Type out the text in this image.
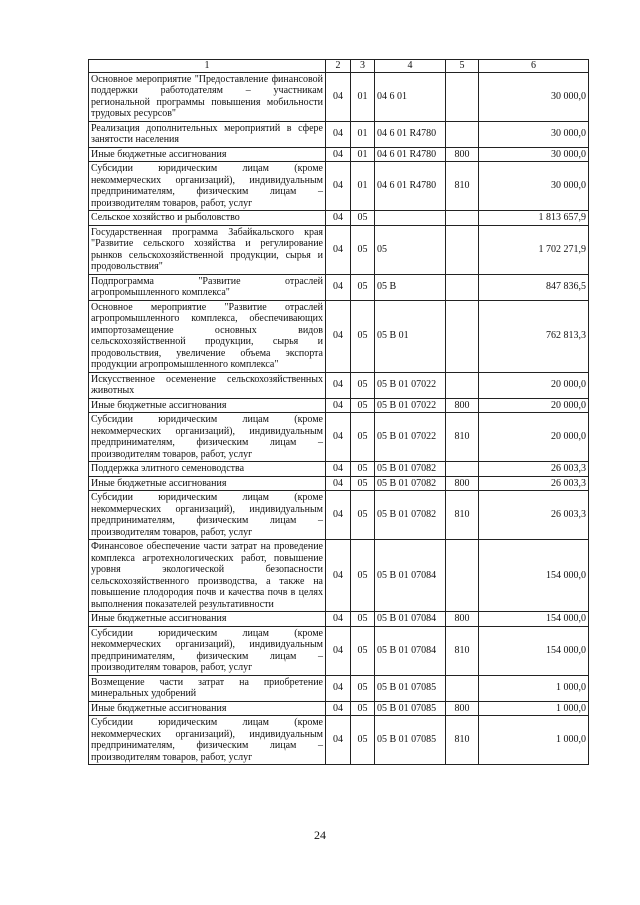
1	2	3	4	5	6
Основное мероприятие "Предоставление финансовой поддержки работодателям – участникам региональной программы повышения мобильности трудовых ресурсов"	04	01	04 6 01		30 000,0
Реализация дополнительных мероприятий в сфере занятости населения	04	01	04 6 01 R4780		30 000,0
Иные бюджетные ассигнования	04	01	04 6 01 R4780	800	30 000,0
Субсидии юридическим лицам (кроме некоммерческих организаций), индивидуальным предпринимателям, физическим лицам – производителям товаров, работ, услуг	04	01	04 6 01 R4780	810	30 000,0
Сельское хозяйство и рыболовство	04	05			1 813 657,9
Государственная программа Забайкальского края "Развитие сельского хозяйства и регулирование рынков сельскохозяйственной продукции, сырья и продовольствия"	04	05	05		1 702 271,9
Подпрограмма "Развитие отраслей агропромышленного комплекса"	04	05	05 В		847 836,5
Основное мероприятие "Развитие отраслей агропромышленного комплекса, обеспечивающих импортозамещение основных видов сельскохозяйственной продукции, сырья и продовольствия, увеличение объема экспорта продукции агропромышленного комплекса"	04	05	05 В 01		762 813,3
Искусственное осеменение сельскохозяйственных животных	04	05	05 В 01 07022		20 000,0
Иные бюджетные ассигнования	04	05	05 В 01 07022	800	20 000,0
Субсидии юридическим лицам (кроме некоммерческих организаций), индивидуальным предпринимателям, физическим лицам – производителям товаров, работ, услуг	04	05	05 В 01 07022	810	20 000,0
Поддержка элитного семеноводства	04	05	05 В 01 07082		26 003,3
Иные бюджетные ассигнования	04	05	05 В 01 07082	800	26 003,3
Субсидии юридическим лицам (кроме некоммерческих организаций), индивидуальным предпринимателям, физическим лицам – производителям товаров, работ, услуг	04	05	05 В 01 07082	810	26 003,3
Финансовое обеспечение части затрат на проведение комплекса агротехнологических работ, повышение уровня экологической безопасности сельскохозяйственного производства, а также на повышение плодородия почв и качества почв в целях выполнения показателей результативности	04	05	05 В 01 07084		154 000,0
Иные бюджетные ассигнования	04	05	05 В 01 07084	800	154 000,0
Субсидии юридическим лицам (кроме некоммерческих организаций), индивидуальным предпринимателям, физическим лицам – производителям товаров, работ, услуг	04	05	05 В 01 07084	810	154 000,0
Возмещение части затрат на приобретение минеральных удобрений	04	05	05 В 01 07085		1 000,0
Иные бюджетные ассигнования	04	05	05 В 01 07085	800	1 000,0
Субсидии юридическим лицам (кроме некоммерческих организаций), индивидуальным предпринимателям, физическим лицам – производителям товаров, работ, услуг	04	05	05 В 01 07085	810	1 000,0
24
